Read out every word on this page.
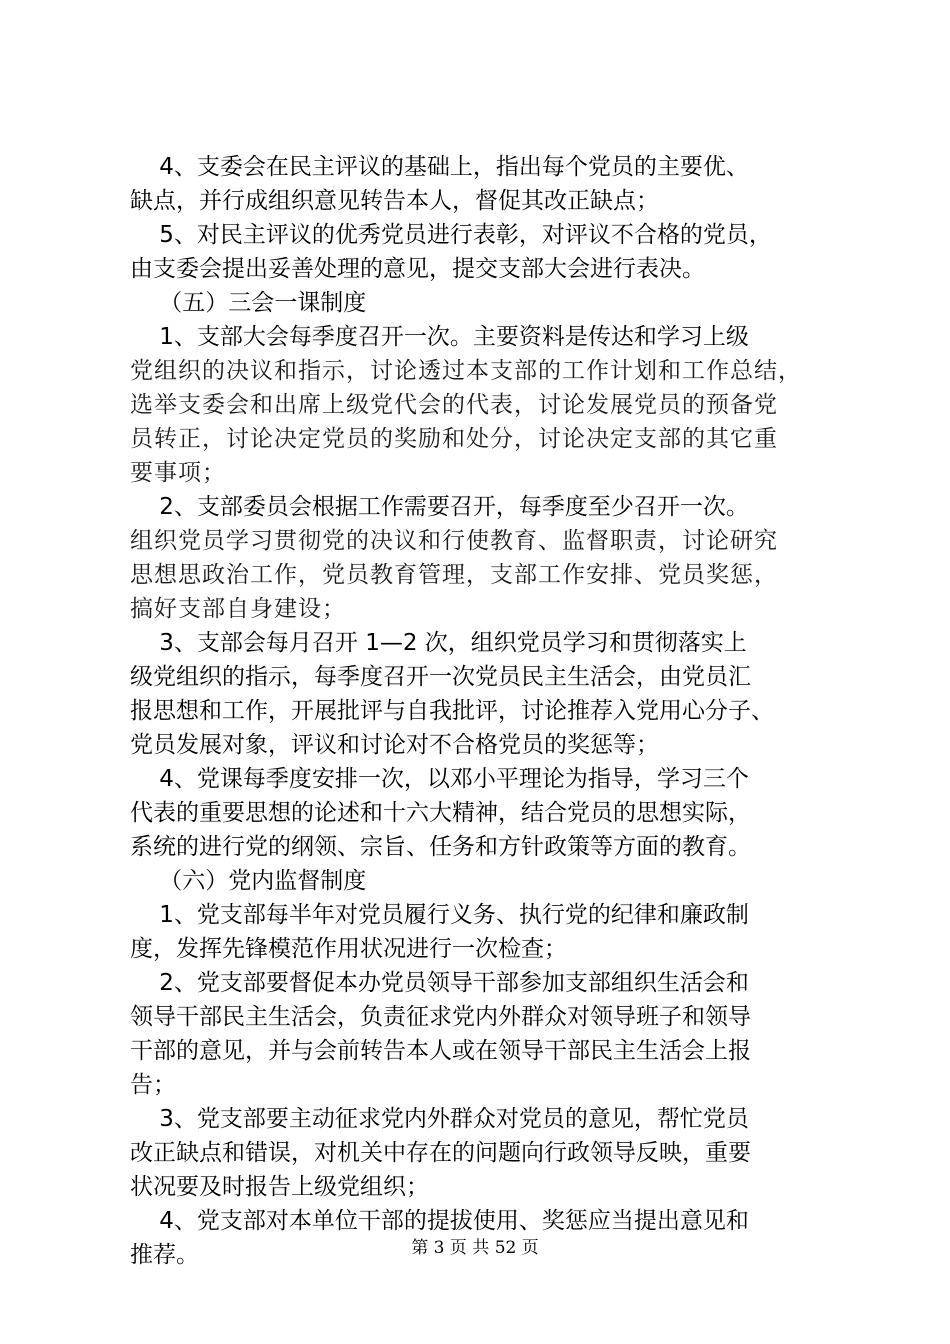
4、支委会在民主评议的基础上，指出每个党员的主要优、
缺点，并行成组织意见转告本人，督促其改正缺点；
5、对民主评议的优秀党员进行表彰，对评议不合格的党员，
由支委会提出妥善处理的意见，提交支部大会进行表决。
（五）三会一课制度
1、支部大会每季度召开一次。主要资料是传达和学习上级
党组织的决议和指示，讨论透过本支部的工作计划和工作总结，
选举支委会和出席上级党代会的代表，讨论发展党员的预备党
员转正，讨论决定党员的奖励和处分，讨论决定支部的其它重
要事项；
2、支部委员会根据工作需要召开，每季度至少召开一次。
组织党员学习贯彻党的决议和行使教育、监督职责，讨论研究
思想思政治工作，党员教育管理，支部工作安排、党员奖惩，
搞好支部自身建设；
3、支部会每月召开 1—2 次，组织党员学习和贯彻落实上
级党组织的指示，每季度召开一次党员民主生活会，由党员汇
报思想和工作，开展批评与自我批评，讨论推荐入党用心分子、
党员发展对象，评议和讨论对不合格党员的奖惩等；
4、党课每季度安排一次，以邓小平理论为指导，学习三个
代表的重要思想的论述和十六大精神，结合党员的思想实际，
系统的进行党的纲领、宗旨、任务和方针政策等方面的教育。
（六）党内监督制度
1、党支部每半年对党员履行义务、执行党的纪律和廉政制
度，发挥先锋模范作用状况进行一次检查；
2、党支部要督促本办党员领导干部参加支部组织生活会和
领导干部民主生活会，负责征求党内外群众对领导班子和领导
干部的意见，并与会前转告本人或在领导干部民主生活会上报
告；
3、党支部要主动征求党内外群众对党员的意见，帮忙党员
改正缺点和错误，对机关中存在的问题向行政领导反映，重要
状况要及时报告上级党组织；
4、党支部对本单位干部的提拔使用、奖惩应当提出意见和
推荐。	第 3 页 共 52 页
